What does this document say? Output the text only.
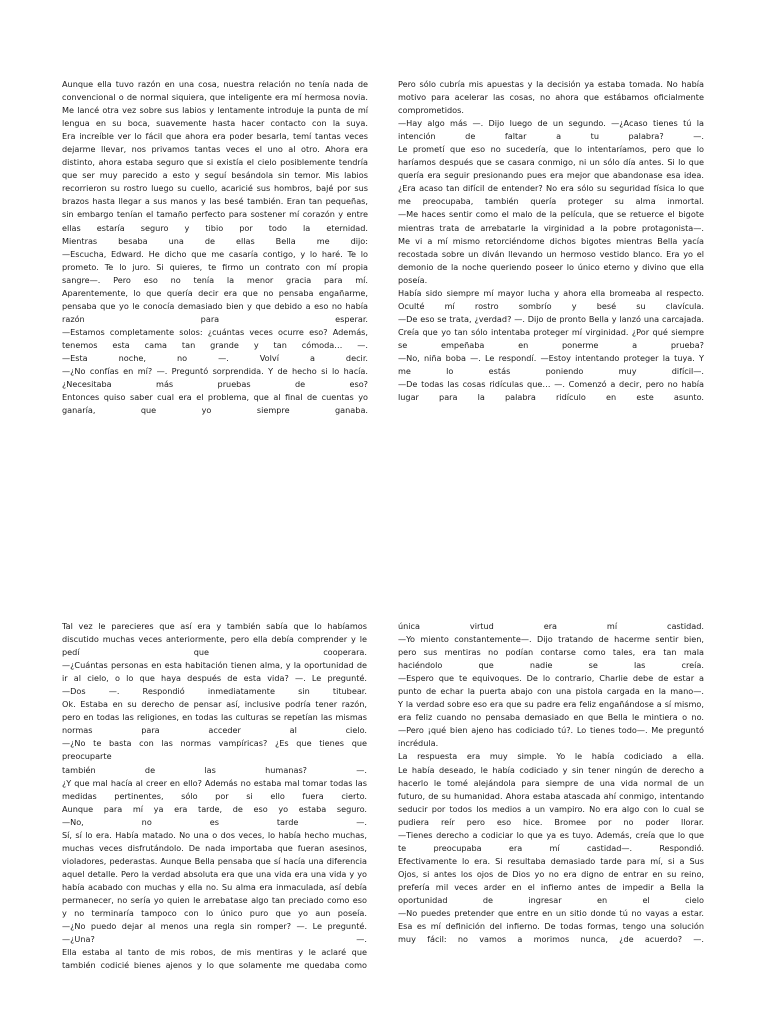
Aunque ella tuvo razón en una cosa, nuestra relación no tenía nada de

convencional o de normal siquiera, que inteligente era mí hermosa novia.

Me lancé otra vez sobre sus labios y lentamente introduje la punta de mí

lengua en su boca, suavemente hasta hacer contacto con la suya.

Era increíble ver lo fácil que ahora era poder besarla, temí tantas veces

dejarme llevar, nos privamos tantas veces el uno al otro. Ahora era

distinto, ahora estaba seguro que si existía el cielo posiblemente tendría

que ser muy parecido a esto y seguí besándola sin temor. Mis labios

recorrieron su rostro luego su cuello, acaricié sus hombros, bajé por sus

brazos hasta llegar a sus manos y las besé también. Eran tan pequeñas,

sin embargo tenían el tamaño perfecto para sostener mí corazón y entre

ellas estaría seguro y tibio por todo la eternidad.

Mientras besaba una de ellas Bella me dijo:

—Escucha, Edward. He dicho que me casaría contigo, y lo haré. Te lo

prometo. Te lo juro. Si quieres, te firmo un contrato con mí propia

sangre—. Pero eso no tenía la menor gracia para mí.

Aparentemente, lo que quería decir era que no pensaba engañarme,

pensaba que yo le conocía demasiado bien y que debido a eso no había

razón para esperar.

—Estamos completamente solos: ¿cuántas veces ocurre eso? Además,

tenemos esta cama tan grande y tan cómoda… —.

—Esta noche, no —. Volví a decir.

—¿No confías en mí? —. Preguntó sorprendida. Y de hecho si lo hacía.

¿Necesitaba más pruebas de eso?

Entonces quiso saber cual era el problema, que al final de cuentas yo

ganaría, que yo siempre ganaba.

Pero sólo cubría mis apuestas y la decisión ya estaba tomada. No había

motivo para acelerar las cosas, no ahora que estábamos oficialmente

comprometidos.

—Hay algo más —. Dijo luego de un segundo. —¿Acaso tienes tú la

intención de faltar a tu palabra? —.

Le prometí que eso no sucedería, que lo intentaríamos, pero que lo

haríamos después que se casara conmigo, ni un sólo día antes. Si lo que

quería era seguir presionando pues era mejor que abandonase esa idea.

¿Era acaso tan difícil de entender? No era sólo su seguridad física lo que

me preocupaba, también quería proteger su alma inmortal.

—Me haces sentir como el malo de la película, que se retuerce el bigote

mientras trata de arrebatarle la virginidad a la pobre protagonista—.

Me vi a mí mismo retorciéndome dichos bigotes mientras Bella yacía

recostada sobre un diván llevando un hermoso vestido blanco. Era yo el

demonio de la noche queriendo poseer lo único eterno y divino que ella

poseía.

Había sido siempre mí mayor lucha y ahora ella bromeaba al respecto.

Oculté mí rostro sombrío y besé su clavícula.

—De eso se trata, ¿verdad? —. Dijo de pronto Bella y lanzó una carcajada.

Creía que yo tan sólo intentaba proteger mí virginidad. ¿Por qué siempre

se empeñaba en ponerme a prueba?

—No, niña boba —. Le respondí. —Estoy intentando proteger la tuya. Y

me lo estás poniendo muy difícil—.

—De todas las cosas ridículas que… —. Comenzó a decir, pero no había

lugar para la palabra ridículo en este asunto.

Tal vez le parecieres que así era y también sabía que lo habíamos

discutido muchas veces anteriormente, pero ella debía comprender y le

pedí que cooperara.

—¿Cuántas personas en esta habitación tienen alma, y la oportunidad de

ir al cielo, o lo que haya después de esta vida? —. Le pregunté.

—Dos —. Respondió inmediatamente sin titubear.

Ok. Estaba en su derecho de pensar así, inclusive podría tener razón,

pero en todas las religiones, en todas las culturas se repetían las mismas

normas para acceder al cielo.

—¿No te basta con las normas vampíricas? ¿Es que tienes que preocuparte

también de las humanas? —.

¿Y que mal hacía al creer en ello? Además no estaba mal tomar todas las

medidas pertinentes, sólo por si ello fuera cierto.

Aunque para mí ya era tarde, de eso yo estaba seguro.

—No, no es tarde —.

Sí, sí lo era. Había matado. No una o dos veces, lo había hecho muchas,

muchas veces disfrutándolo. De nada importaba que fueran asesinos,

violadores, pederastas. Aunque Bella pensaba que sí hacía una diferencia

aquel detalle. Pero la verdad absoluta era que una vida era una vida y yo

había acabado con muchas y ella no. Su alma era inmaculada, así debía

permanecer, no sería yo quien le arrebatase algo tan preciado como eso

y no terminaría tampoco con lo único puro que yo aun poseía.

—¿No puedo dejar al menos una regla sin romper? —. Le pregunté.

—¿Una? —.

Ella estaba al tanto de mis robos, de mis mentiras y le aclaré que

también codicié bienes ajenos y lo que solamente me quedaba como

única virtud era mí castidad.

—Yo miento constantemente—. Dijo tratando de hacerme sentir bien,

pero sus mentiras no podían contarse como tales, era tan mala

haciéndolo que nadie se las creía.

—Espero que te equivoques. De lo contrario, Charlie debe de estar a

punto de echar la puerta abajo con una pistola cargada en la mano—.

Y la verdad sobre eso era que su padre era feliz engañándose a sí mismo,

era feliz cuando no pensaba demasiado en que Bella le mintiera o no.

—Pero ¡qué bien ajeno has codiciado tú?. Lo tienes todo—. Me preguntó

incrédula.

La respuesta era muy simple. Yo le había codiciado a ella.

Le había deseado, le había codiciado y sin tener ningún de derecho a

hacerlo le tomé alejándola para siempre de una vida normal de un

futuro, de su humanidad. Ahora estaba atascada ahí conmigo, intentando

seducir por todos los medios a un vampiro. No era algo con lo cual se

pudiera reír pero eso hice. Bromee por no poder llorar.

—Tienes derecho a codiciar lo que ya es tuyo. Además, creía que lo que

te preocupaba era mí castidad—. Respondió.

Efectivamente lo era. Si resultaba demasiado tarde para mí, si a Sus

Ojos, si antes los ojos de Dios yo no era digno de entrar en su reino,

prefería mil veces arder en el infierno antes de impedir a Bella la

oportunidad de ingresar en el cielo

—No puedes pretender que entre en un sitio donde tú no vayas a estar.

Esa es mí definición del infierno. De todas formas, tengo una solución

muy fácil: no vamos a morimos nunca, ¿de acuerdo? —.
